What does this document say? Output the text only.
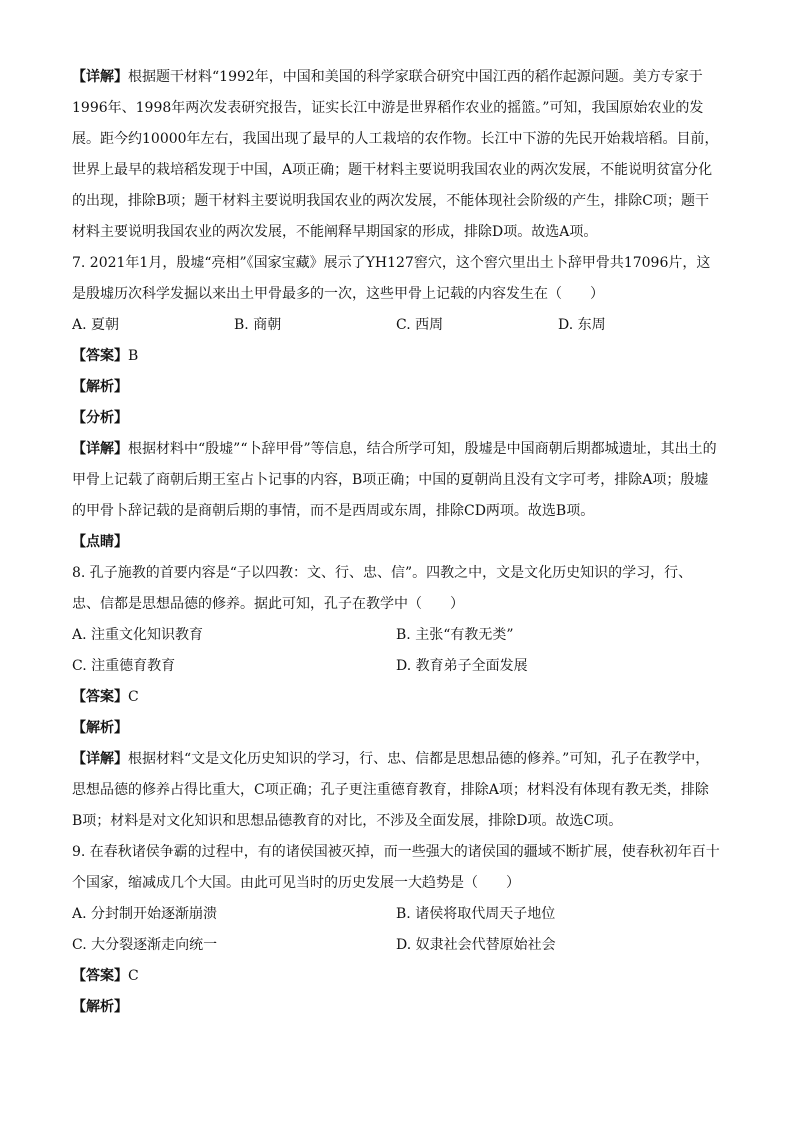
【详解】根据题干材料“1992年，中国和美国的科学家联合研究中国江西的稻作起源问题。美方专家于
1996年、1998年两次发表研究报告，证实长江中游是世界稻作农业的摇篮。”可知，我国原始农业的发
展。距今约10000年左右，我国出现了最早的人工栽培的农作物。长江中下游的先民开始栽培稻。目前，
世界上最早的栽培稻发现于中国，A项正确；题干材料主要说明我国农业的两次发展，不能说明贫富分化
的出现，排除B项；题干材料主要说明我国农业的两次发展，不能体现社会阶级的产生，排除C项；题干
材料主要说明我国农业的两次发展，不能阐释早期国家的形成，排除D项。故选A项。
7. 2021年1月，殷墟“亮相”《国家宝藏》展示了YH127窖穴，这个窖穴里出土卜辞甲骨共17096片，这
是殷墟历次科学发掘以来出土甲骨最多的一次，这些甲骨上记载的内容发生在（　　）
A. 夏朝	B. 商朝	C. 西周	D. 东周
【答案】B
【解析】
【分析】
【详解】根据材料中“殷墟”“卜辞甲骨”等信息，结合所学可知，殷墟是中国商朝后期都城遗址，其出土的
甲骨上记载了商朝后期王室占卜记事的内容，B项正确；中国的夏朝尚且没有文字可考，排除A项；殷墟
的甲骨卜辞记载的是商朝后期的事情，而不是西周或东周，排除CD两项。故选B项。
【点睛】
8. 孔子施教的首要内容是“子以四教：文、行、忠、信”。四教之中，文是文化历史知识的学习，行、
忠、信都是思想品德的修养。据此可知，孔子在教学中（　　）
A. 注重文化知识教育	B. 主张“有教无类”
C. 注重德育教育	D. 教育弟子全面发展
【答案】C
【解析】
【详解】根据材料“文是文化历史知识的学习，行、忠、信都是思想品德的修养。”可知，孔子在教学中，
思想品德的修养占得比重大，C项正确；孔子更注重德育教育，排除A项；材料没有体现有教无类，排除
B项；材料是对文化知识和思想品德教育的对比，不涉及全面发展，排除D项。故选C项。
9. 在春秋诸侯争霸的过程中，有的诸侯国被灭掉，而一些强大的诸侯国的疆域不断扩展，使春秋初年百十
个国家，缩减成几个大国。由此可见当时的历史发展一大趋势是（　　）
A. 分封制开始逐渐崩溃	B. 诸侯将取代周天子地位
C. 大分裂逐渐走向统一	D. 奴隶社会代替原始社会
【答案】C
【解析】
